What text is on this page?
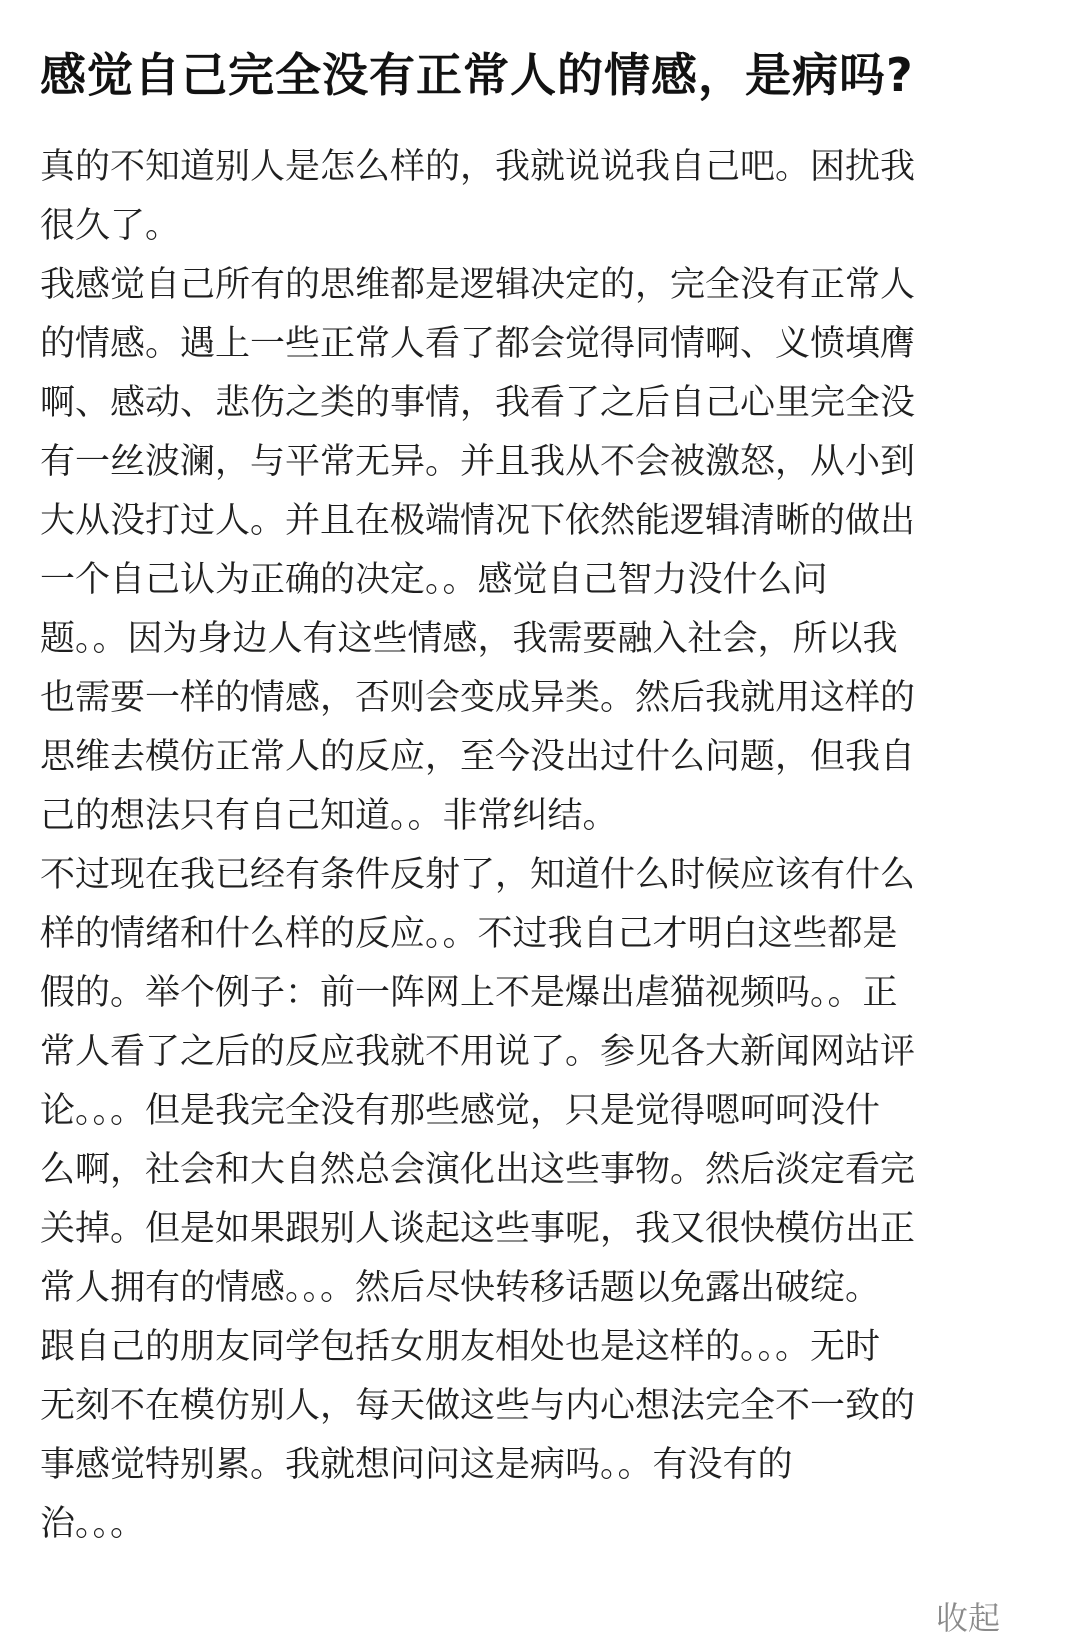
感觉自己完全没有正常人的情感，是病吗?
真的不知道别人是怎么样的，我就说说我自己吧。困扰我
很久了。
我感觉自己所有的思维都是逻辑决定的，完全没有正常人
的情感。遇上一些正常人看了都会觉得同情啊、义愤填膺
啊、感动、悲伤之类的事情，我看了之后自己心里完全没
有一丝波澜，与平常无异。并且我从不会被激怒，从小到
大从没打过人。并且在极端情况下依然能逻辑清晰的做出
一个自己认为正确的决定。。感觉自己智力没什么问
题。。因为身边人有这些情感，我需要融入社会，所以我
也需要一样的情感，否则会变成异类。然后我就用这样的
思维去模仿正常人的反应，至今没出过什么问题，但我自
己的想法只有自己知道。。非常纠结。
不过现在我已经有条件反射了，知道什么时候应该有什么
样的情绪和什么样的反应。。不过我自己才明白这些都是
假的。举个例子：前一阵网上不是爆出虐猫视频吗。。正
常人看了之后的反应我就不用说了。参见各大新闻网站评
论。。。但是我完全没有那些感觉，只是觉得嗯呵呵没什
么啊，社会和大自然总会演化出这些事物。然后淡定看完
关掉。但是如果跟别人谈起这些事呢，我又很快模仿出正
常人拥有的情感。。。然后尽快转移话题以免露出破绽。
跟自己的朋友同学包括女朋友相处也是这样的。。。无时
无刻不在模仿别人，每天做这些与内心想法完全不一致的
事感觉特别累。我就想问问这是病吗。。有没有的
治。。。
收起
